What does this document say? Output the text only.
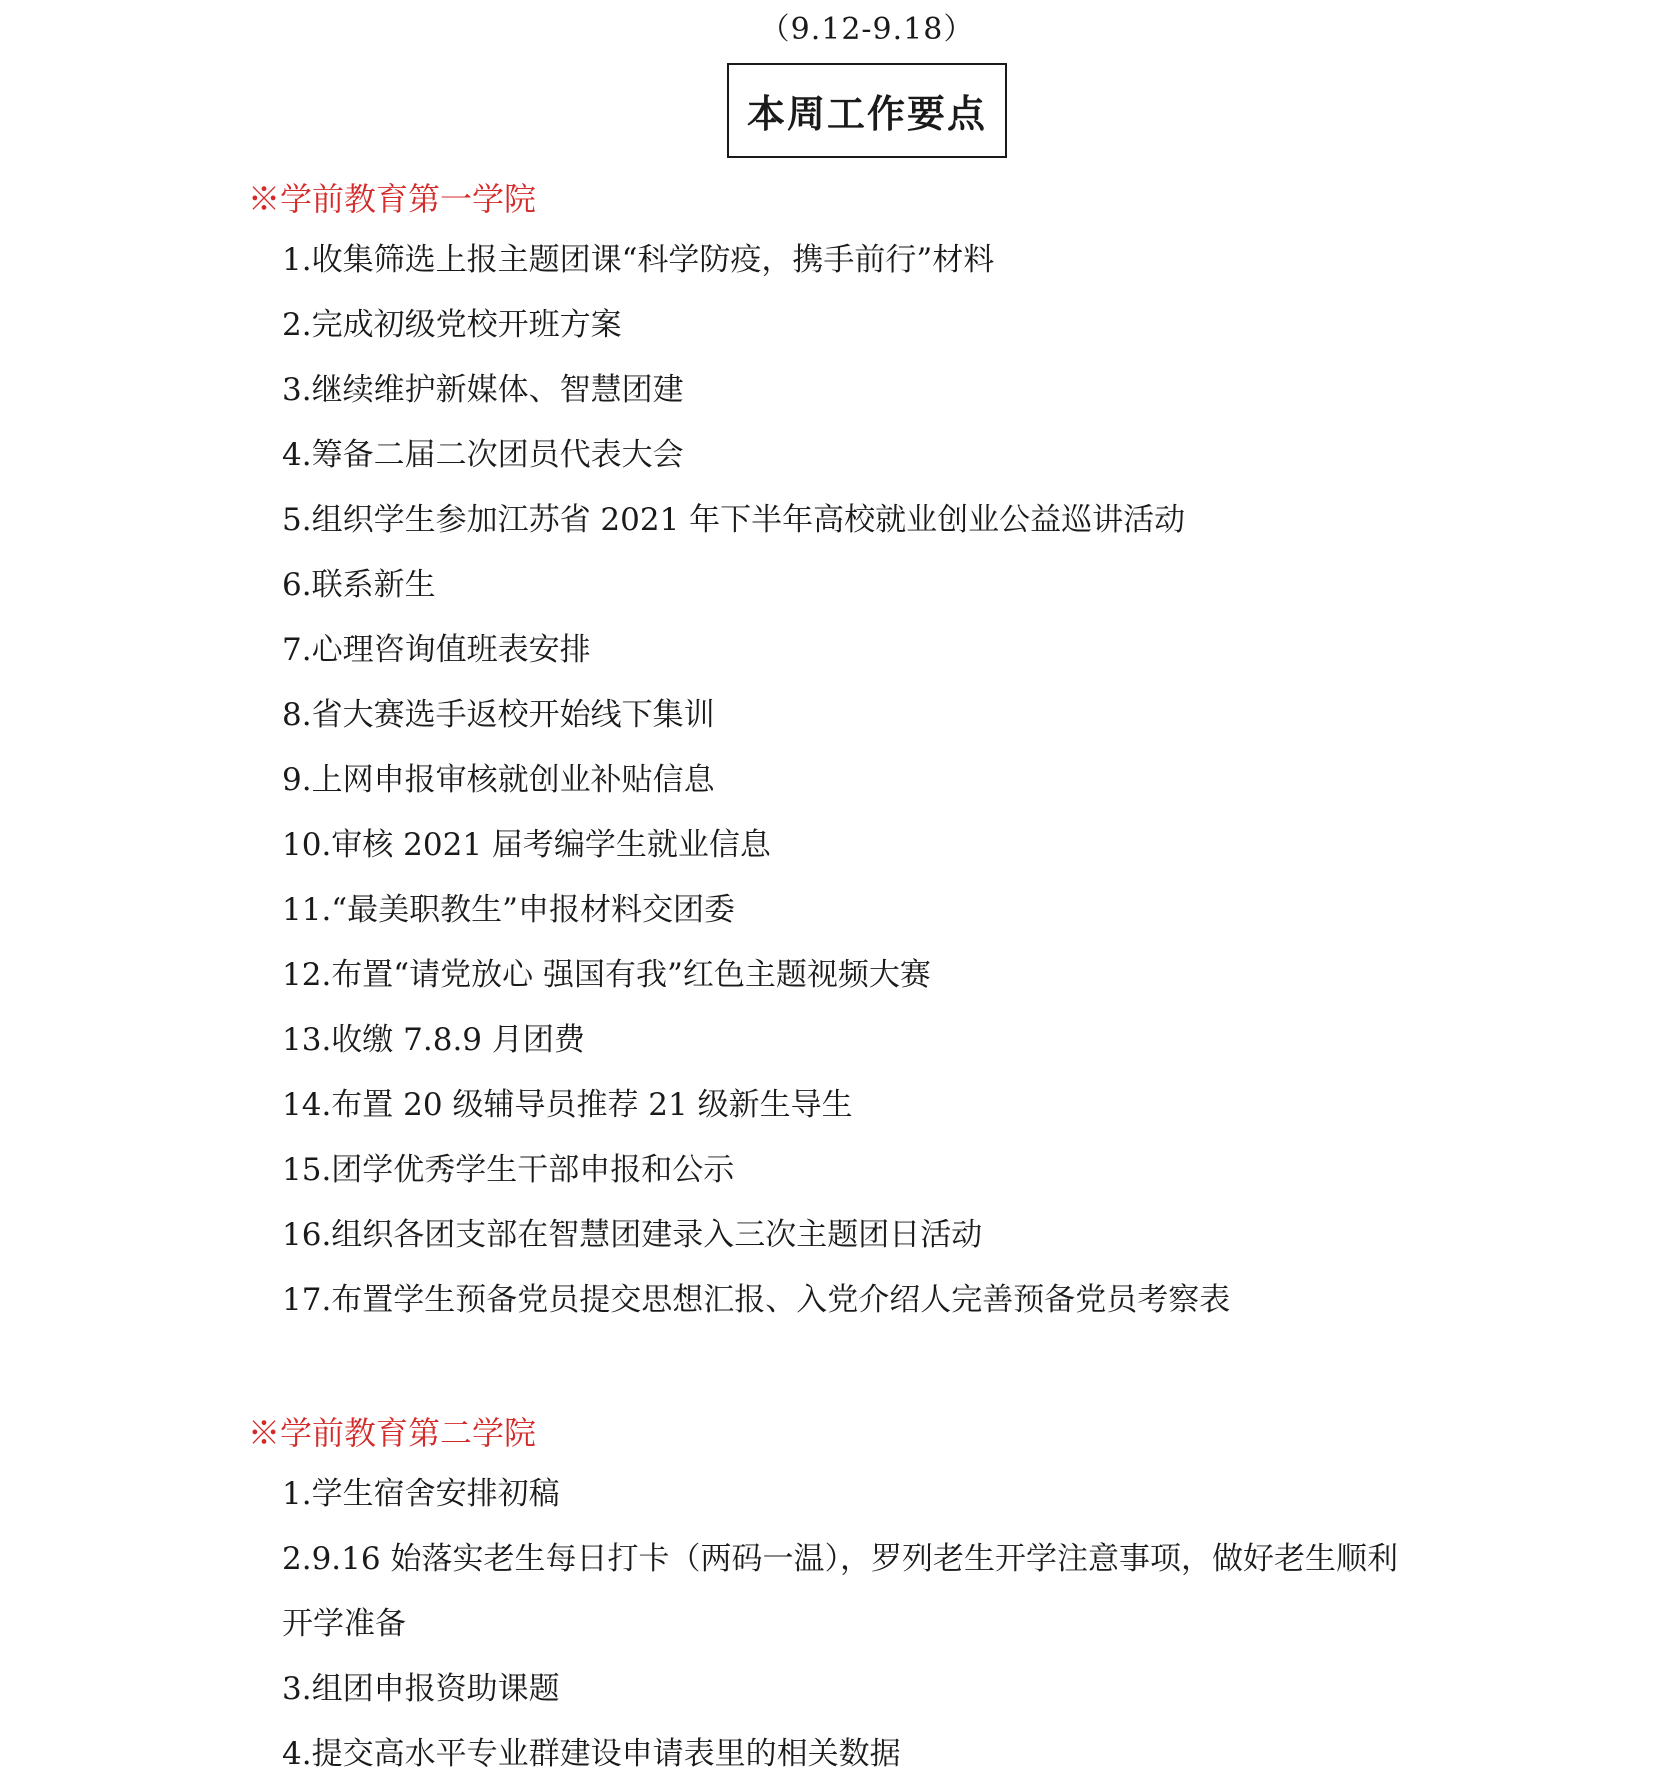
（9.12-9.18）
本周工作要点
※学前教育第一学院
1.收集筛选上报主题团课“科学防疫，携手前行”材料
2.完成初级党校开班方案
3.继续维护新媒体、智慧团建
4.筹备二届二次团员代表大会
5.组织学生参加江苏省 2021 年下半年高校就业创业公益巡讲活动
6.联系新生
7.心理咨询值班表安排
8.省大赛选手返校开始线下集训
9.上网申报审核就创业补贴信息
10.审核 2021 届考编学生就业信息
11.“最美职教生”申报材料交团委
12.布置“请党放心 强国有我”红色主题视频大赛
13.收缴 7.8.9 月团费
14.布置 20 级辅导员推荐 21 级新生导生
15.团学优秀学生干部申报和公示
16.组织各团支部在智慧团建录入三次主题团日活动
17.布置学生预备党员提交思想汇报、入党介绍人完善预备党员考察表
※学前教育第二学院
1.学生宿舍安排初稿
2.9.16 始落实老生每日打卡（两码一温），罗列老生开学注意事项，做好老生顺利开学准备
3.组团申报资助课题
4.提交高水平专业群建设申请表里的相关数据
